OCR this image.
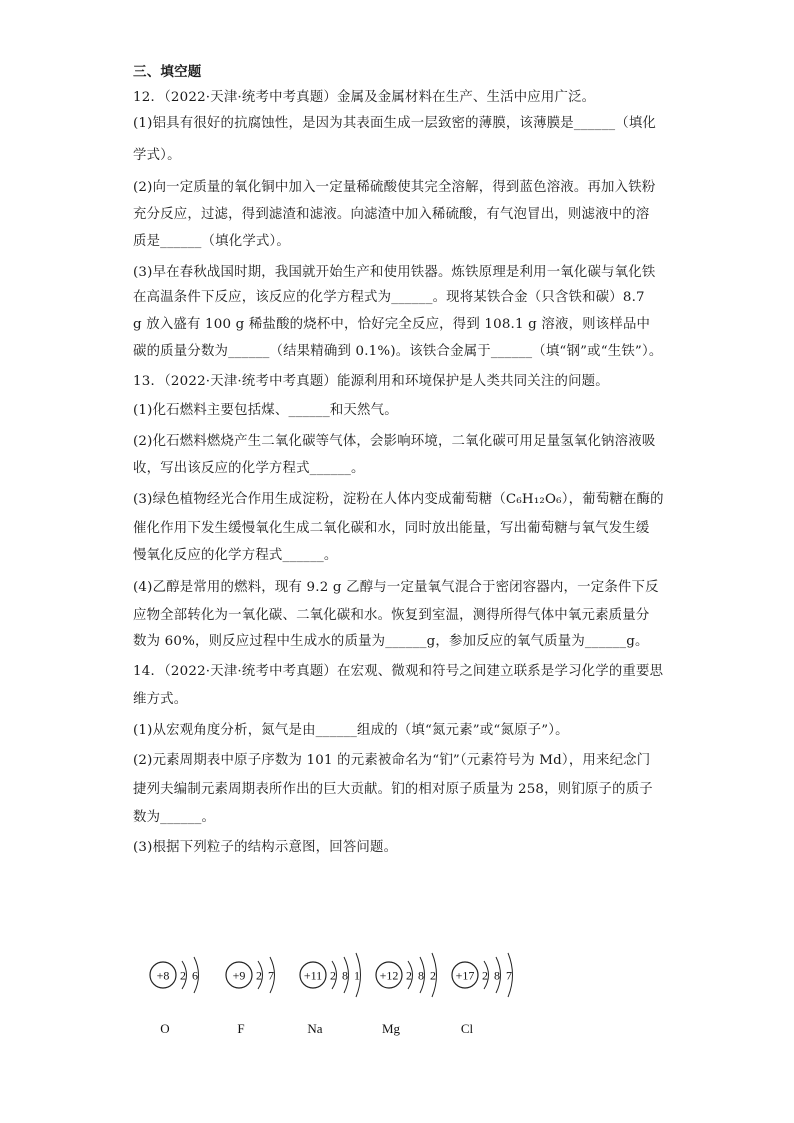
三、填空题
12．（2022·天津·统考中考真题）金属及金属材料在生产、生活中应用广泛。
(1)铝具有很好的抗腐蚀性，是因为其表面生成一层致密的薄膜，该薄膜是______（填化
学式）。
(2)向一定质量的氧化铜中加入一定量稀硫酸使其完全溶解，得到蓝色溶液。再加入铁粉
充分反应，过滤，得到滤渣和滤液。向滤渣中加入稀硫酸，有气泡冒出，则滤液中的溶
质是______（填化学式）。
(3)早在春秋战国时期，我国就开始生产和使用铁器。炼铁原理是利用一氧化碳与氧化铁
在高温条件下反应，该反应的化学方程式为______。现将某铁合金（只含铁和碳）8.7
g 放入盛有 100 g 稀盐酸的烧杯中，恰好完全反应，得到 108.1 g 溶液，则该样品中
碳的质量分数为______（结果精确到 0.1%)。该铁合金属于______（填“钢”或“生铁”）。
13．（2022·天津·统考中考真题）能源利用和环境保护是人类共同关注的问题。
(1)化石燃料主要包括煤、______和天然气。
(2)化石燃料燃烧产生二氧化碳等气体，会影响环境，二氧化碳可用足量氢氧化钠溶液吸
收，写出该反应的化学方程式______。
(3)绿色植物经光合作用生成淀粉，淀粉在人体内变成葡萄糖（C₆H₁₂O₆），葡萄糖在酶的
催化作用下发生缓慢氧化生成二氧化碳和水，同时放出能量，写出葡萄糖与氧气发生缓
慢氧化反应的化学方程式______。
(4)乙醇是常用的燃料，现有 9.2 g 乙醇与一定量氧气混合于密闭容器内，一定条件下反
应物全部转化为一氧化碳、二氧化碳和水。恢复到室温，测得所得气体中氧元素质量分
数为 60%，则反应过程中生成水的质量为______g，参加反应的氧气质量为______g。
14．（2022·天津·统考中考真题）在宏观、微观和符号之间建立联系是学习化学的重要思
维方式。
(1)从宏观角度分析，氮气是由______组成的（填“氮元素”或“氮原子”）。
(2)元素周期表中原子序数为 101 的元素被命名为“钔”（元素符号为 Md），用来纪念门
捷列夫编制元素周期表所作出的巨大贡献。钔的相对原子质量为 258，则钔原子的质子
数为______。
(3)根据下列粒子的结构示意图，回答问题。
+8 2 6
O
+9 2 7
F
+11 2 8 1
Na
+12 2 8 2
Mg
+17 2 8 7
Cl
